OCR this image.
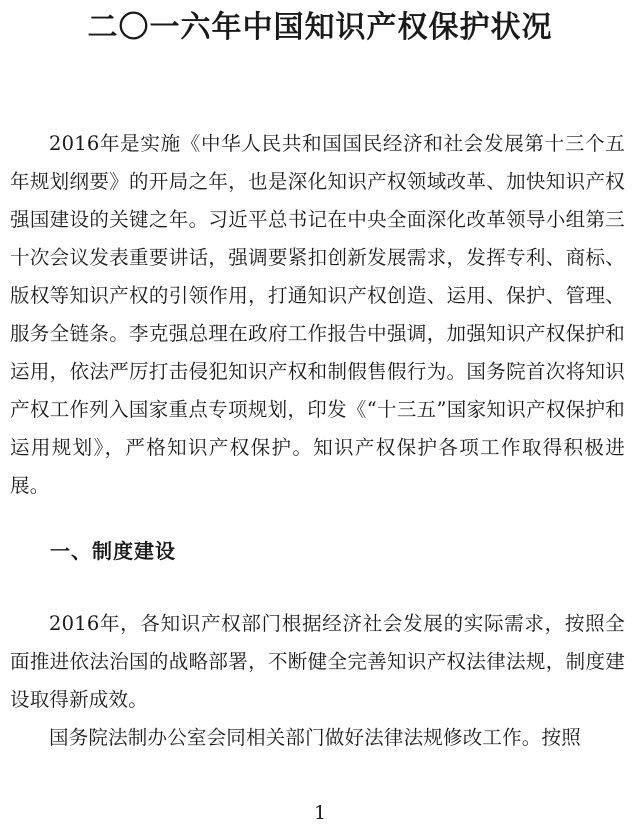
二〇一六年中国知识产权保护状况

2016年是实施《中华人民共和国国民经济和社会发展第十三个五年规划纲要》的开局之年，也是深化知识产权领域改革、加快知识产权强国建设的关键之年。习近平总书记在中央全面深化改革领导小组第三十次会议发表重要讲话，强调要紧扣创新发展需求，发挥专利、商标、版权等知识产权的引领作用，打通知识产权创造、运用、保护、管理、服务全链条。李克强总理在政府工作报告中强调，加强知识产权保护和运用，依法严厉打击侵犯知识产权和制假售假行为。国务院首次将知识产权工作列入国家重点专项规划，印发《“十三五”国家知识产权保护和运用规划》，严格知识产权保护。知识产权保护各项工作取得积极进展。

一、制度建设

2016年，各知识产权部门根据经济社会发展的实际需求，按照全面推进依法治国的战略部署，不断健全完善知识产权法律法规，制度建设取得新成效。

国务院法制办公室会同相关部门做好法律法规修改工作。按照

1
